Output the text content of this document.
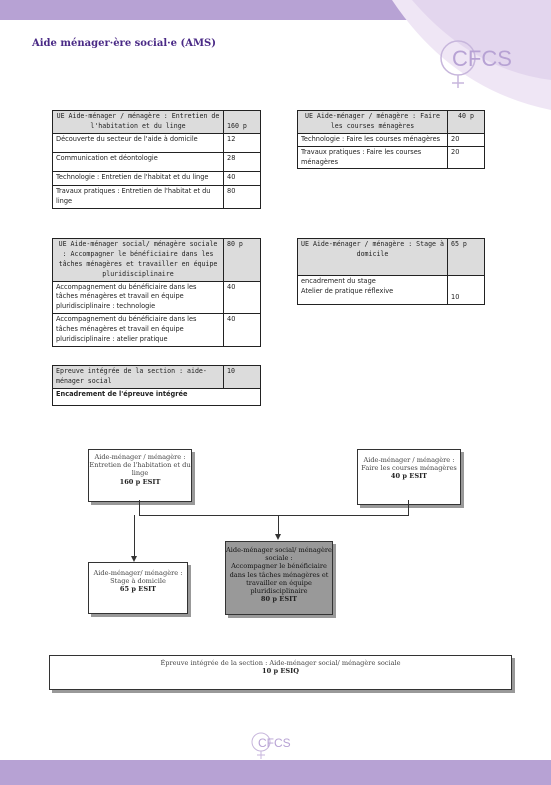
Aide ménager·ère social·e (AMS)
CFCS
UE Aide-ménager / ménagère : Entretien de l'habitation et du linge	160 p
Découverte du secteur de l'aide à domicile	12
Communication et déontologie	28
Technologie : Entretien de l'habitat et du linge	40
Travaux pratiques : Entretien de l'habitat et du linge	80
UE Aide-ménager / ménagère : Faire les courses ménagères	40 p
Technologie : Faire les courses ménagères	20
Travaux pratiques : Faire les courses ménagères	20
UE Aide-ménager social/ ménagère sociale : Accompagner le bénéficiaire dans les tâches ménagères et travailler en équipe pluridisciplinaire	80 p
Accompagnement du bénéficiaire dans les tâches ménagères et travail en équipe pluridisciplinaire : technologie	40
Accompagnement du bénéficiaire dans les tâches ménagères et travail en équipe pluridisciplinaire : atelier pratique	40
UE Aide-ménager / ménagère : Stage à domicile	65 p

encadrement du stage
Atelier de pratique réflexive	10
Epreuve intégrée de la section : aide-ménager social	10
Encadrement de l'épreuve intégrée
Aide-ménager / ménagère :
Entretien de l'habitation et du linge
160 p ESIT
Aide-ménager / ménagère :
Faire les courses ménagères
40 p ESIT
Aide-ménager/ ménagère :
Stage à domicile
65 p ESIT
Aide-ménager social/ ménagère sociale :
Accompagner le bénéficiaire dans les tâches ménagères et travailler en équipe pluridisciplinaire
80 p ESIT
Épreuve intégrée de la section : Aide-ménager social/ ménagère sociale
10 p ESIQ
CFCS
